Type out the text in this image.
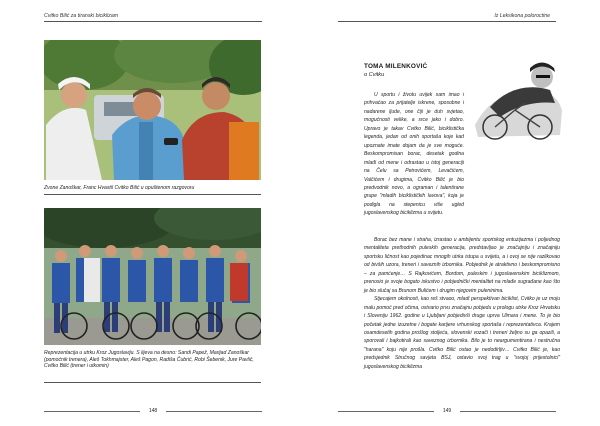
Cvitko Bilić za tiranski biciklizam
Zvone Zanoškar, Franc Hvastil Cvitko Bilić u opuštenom razgovoru
Reprezentacija u utrku Kroz Jugoslaviju. S lijeva na desno: Sandi Papež, Marijad Zanoškar (pomoćnik trenera), Aleš Tokhmajster, Aleš Pagon, Radiša Čubrić, Robi Šebenik, Jure Pavlič, Cvitko Bilić (trener i utkomin)
148
Iz Leksikona poloroctine
TOMA MILENKOVIĆ
o Cvitku

U sportu i životu uvijek sam imao i prihvaćao za prijatelje iskrene, sposobne i nadarene ljude, one čiji je duh svjetao, mogućnosti velike, a srce jako i dobro. Upravo je takav Cvitko Bilić, biciklistička legenda, jedan od onih sportaša koje kad upoznate imate dojam da je sve moguće. Beskompromisan borac, desetak godina mlađi od mene i odrastao u istoj generaciji na Čelu sa Petrovićem, Levačićem, Valčićem i drugima, Cvitko Bilić je bio predvodnik novo, a ograman i talentirane grupe "mladih biciklističkih lavova", koja je podigla na stepenicu više ugled jugoslavenskog biciklizma u svijetu.

Borac bez mane i straha, izrastao u ambijentu sportskog entuzijazma i poljednog mentaliteta prethodnih puleskih generacija, predstavljao je značajniju i značajniju sportsku ličnost kao pojedinac mnogih utrka istupa u svijetu, a i ovoj se nije razlikovao od bivših uzora, treneri i saveznih izbornika. Pobjednik je atraktivno i beskompromisno – za pamćenje… S Rajkovićem, Bordom, puleskim i jugoslavenskim biciklizmom, prenosio je svoje bogato iskustvo i pobjednički mentalitet na mlađe sugrađane kao što je bio slučaj sa Brunom Bulićem i drugim njegovim puleninima.

Stjecajem okolnosti, kao reš stvaoo, mladi perspektivan biciklist, Cvitko je uz moju malu pomoć pred očima, ostvario prvu značajnu pobjedu u prologu utrke Kroz Hrvatsku i Sloveniju 1962. godine u Ljubljani pobjedivši druge uprva Ulmara i mene. To je bio početak jedne izuzetne i bogate karijere vrhunskog sportaša i reprezentativca. Krajem osamdesetih godina prošlog stoljeća, slovenski vozači i treneri željno su ga opazili, a sporovali i bajkotirali kao saveznog izbornika. Bilo je to neargumentirana i nestručna "harana" koju nije prošla. Cvitko Bilić ostao je nedodirljiv… Cvitko Bilić je, kao predsjednik Stručnog savjeta BSJ, ostavio svoj trag u "svojoj prijestolnici" jugoslavenskog biciklizma

149
